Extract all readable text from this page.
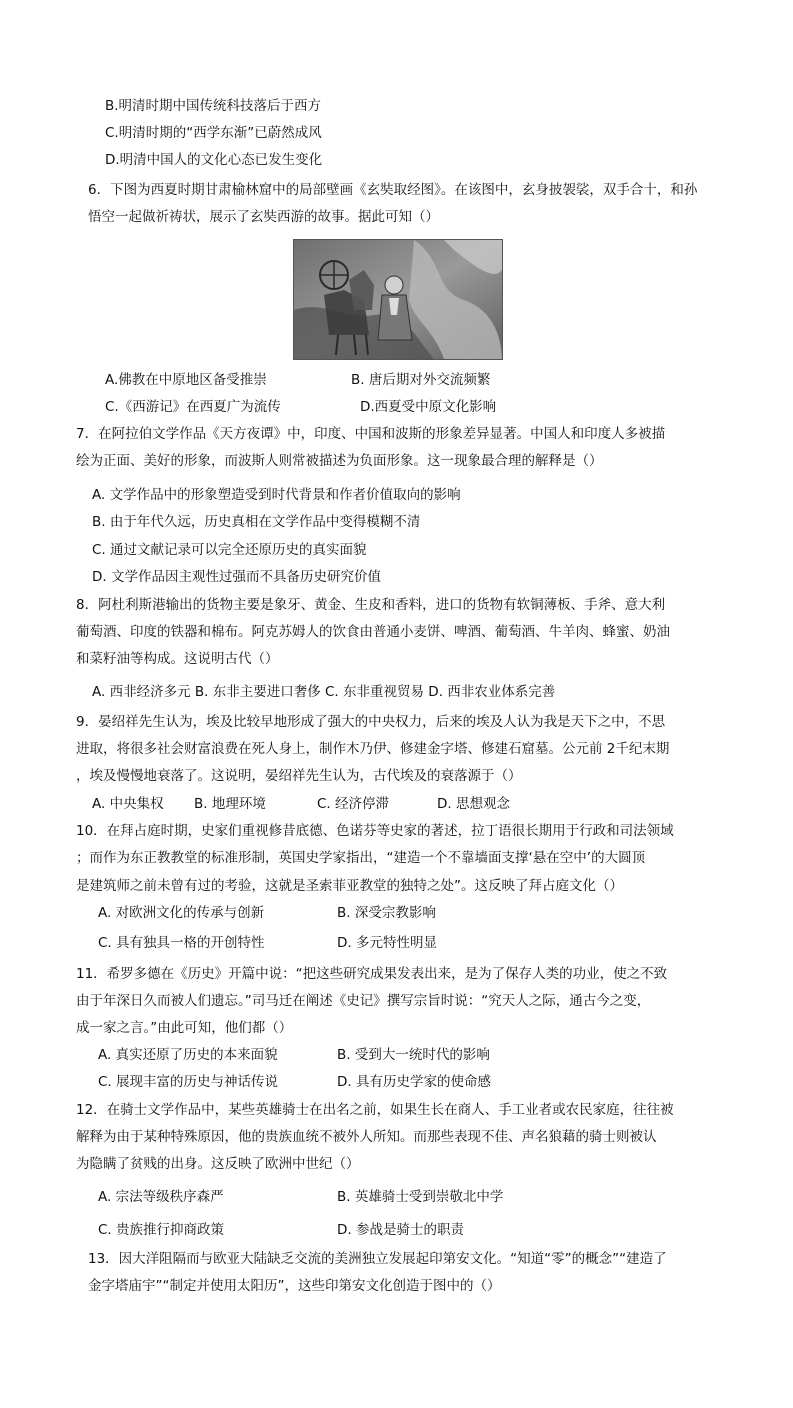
B.明清时期中国传统科技落后于西方
C.明清时期的“西学东渐”已蔚然成风
D.明清中国人的文化心态已发生变化
6．下图为西夏时期甘肃榆林窟中的局部壁画《玄奘取经图》。在该图中，玄身披袈裟，双手合十，和孙
悟空一起做祈祷状，展示了玄奘西游的故事。据此可知（）
A.佛教在中原地区备受推崇	B. 唐后期对外交流频繁
C.《西游记》在西夏广为流传	D.西夏受中原文化影响
7．在阿拉伯文学作品《天方夜谭》中，印度、中国和波斯的形象差异显著。中国人和印度人多被描
绘为正面、美好的形象，而波斯人则常被描述为负面形象。这一现象最合理的解释是（）
A. 文学作品中的形象塑造受到时代背景和作者价值取向的影响
B. 由于年代久远，历史真相在文学作品中变得模糊不清
C. 通过文献记录可以完全还原历史的真实面貌
D. 文学作品因主观性过强而不具备历史研究价值
8．阿杜利斯港输出的货物主要是象牙、黄金、生皮和香料，进口的货物有软铜薄板、手斧、意大利
葡萄酒、印度的铁器和棉布。阿克苏姆人的饮食由普通小麦饼、啤酒、葡萄酒、牛羊肉、蜂蜜、奶油
和菜籽油等构成。这说明古代（）
A. 西非经济多元 B. 东非主要进口奢侈 C. 东非重视贸易 D. 西非农业体系完善
9．晏绍祥先生认为，埃及比较早地形成了强大的中央权力，后来的埃及人认为我是天下之中，不思
进取，将很多社会财富浪费在死人身上，制作木乃伊、修建金字塔、修建石窟墓。公元前 2千纪末期
，埃及慢慢地衰落了。这说明，晏绍祥先生认为，古代埃及的衰落源于（）
A. 中央集权 B. 地理环境	C. 经济停滞	D. 思想观念
10．在拜占庭时期，史家们重视修昔底德、色诺芬等史家的著述，拉丁语很长期用于行政和司法领域
；而作为东正教教堂的标准形制，英国史学家指出，“建造一个不靠墙面支撑‘悬在空中’的大圆顶
是建筑师之前未曾有过的考验，这就是圣索菲亚教堂的独特之处”。这反映了拜占庭文化（）
A. 对欧洲文化的传承与创新	B. 深受宗教影响
C. 具有独具一格的开创特性	D. 多元特性明显
11．希罗多德在《历史》开篇中说：“把这些研究成果发表出来，是为了保存人类的功业，使之不致
由于年深日久而被人们遗忘。”司马迁在阐述《史记》撰写宗旨时说：“究天人之际，通古今之变，
成一家之言。”由此可知，他们都（）
A. 真实还原了历史的本来面貌	B. 受到大一统时代的影响
C. 展现丰富的历史与神话传说	D. 具有历史学家的使命感
12．在骑士文学作品中，某些英雄骑士在出名之前，如果生长在商人、手工业者或农民家庭，往往被
解释为由于某种特殊原因，他的贵族血统不被外人所知。而那些表现不佳、声名狼藉的骑士则被认
为隐瞒了贫贱的出身。这反映了欧洲中世纪（）
A. 宗法等级秩序森严	B. 英雄骑士受到崇敬北中学
C. 贵族推行抑商政策	D. 参战是骑士的职责
13．因大洋阻隔而与欧亚大陆缺乏交流的美洲独立发展起印第安文化。“知道“零”的概念”“建造了
金字塔庙宇”“制定并使用太阳历”，这些印第安文化创造于图中的（）
